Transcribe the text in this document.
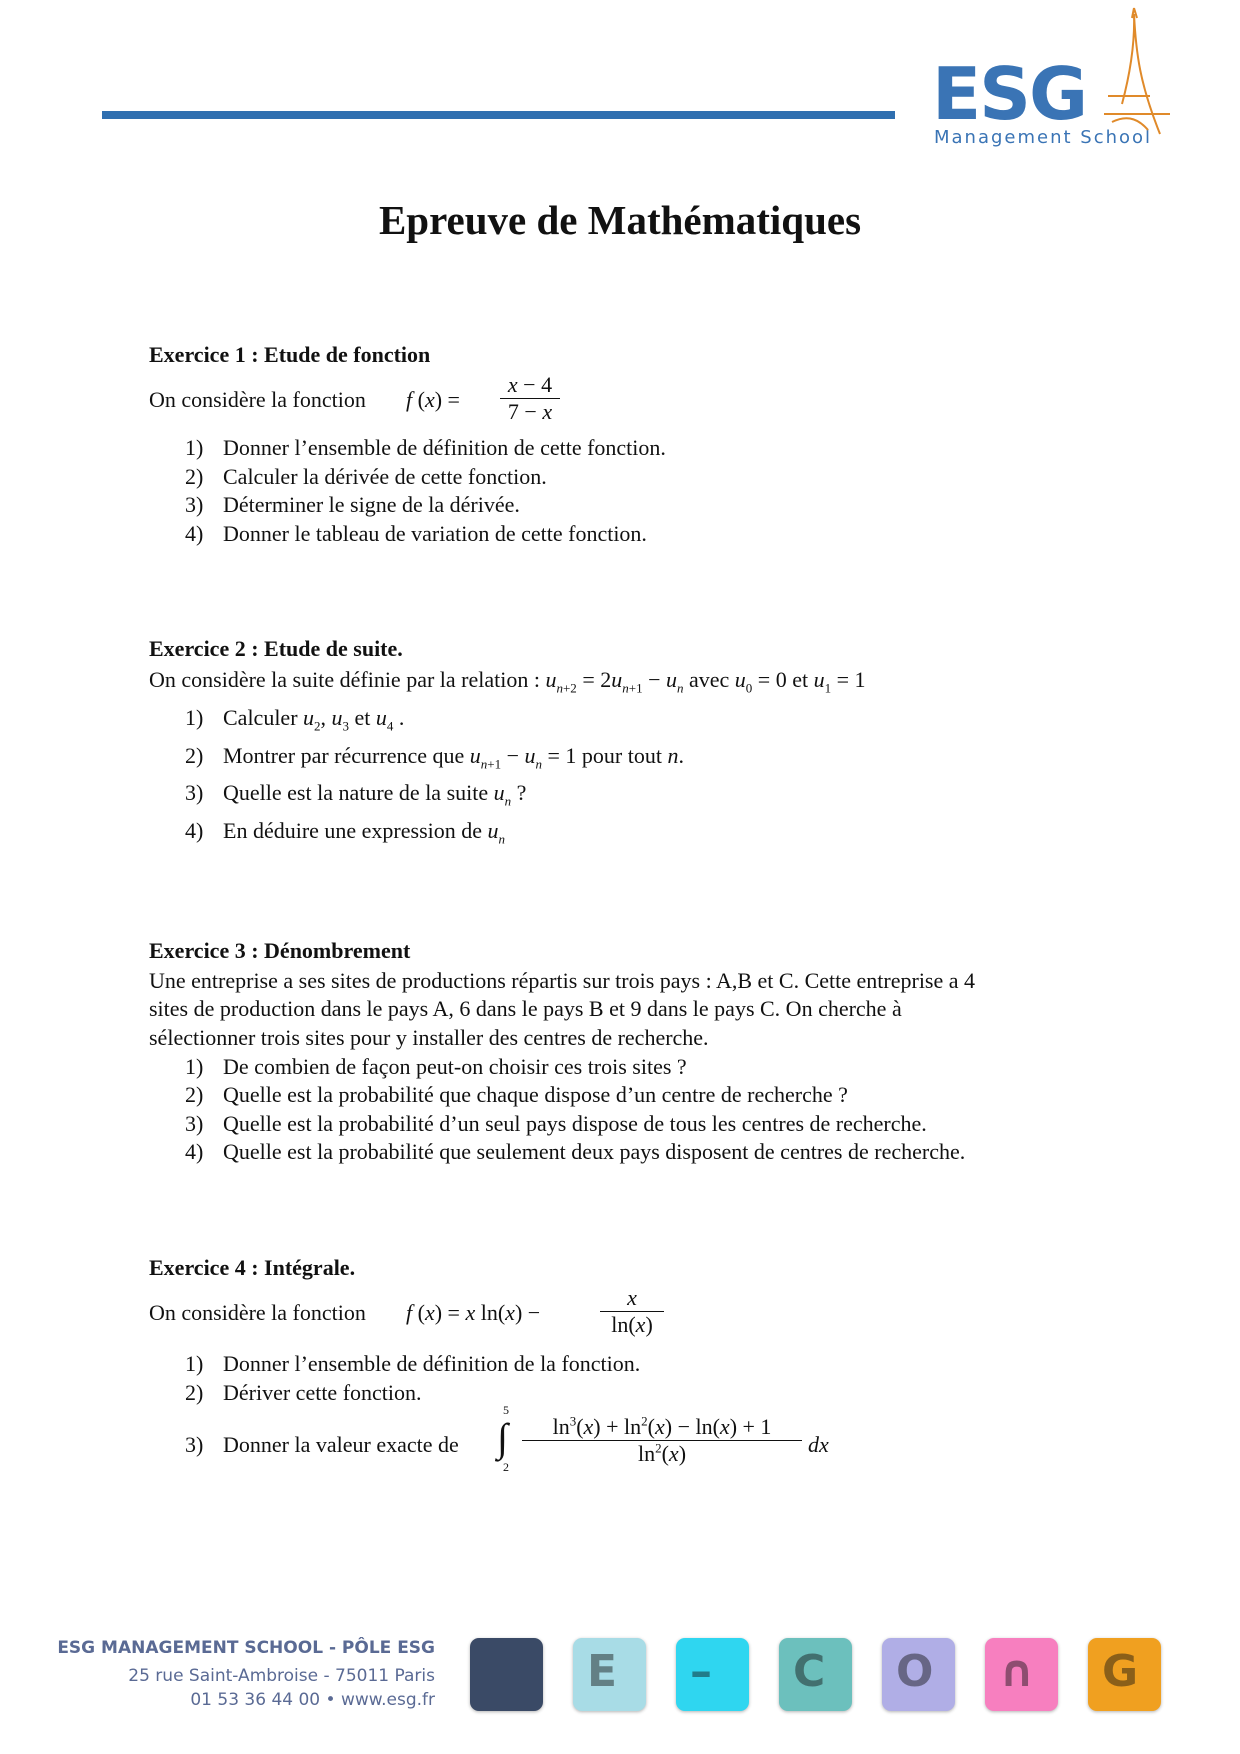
ESG
Management School
Epreuve de Mathématiques
Exercice 1 : Etude de fonction
On considère la fonction f $(x) = \frac{x - 4}{7 - x}$
Exercice 2 : Etude de suite.
On considère la suite définie par la relation : $u_{n+2} = 2u_{n+1} - u_n$ avec $u_0 = 0$ et $u_1 = 1$
Exercice 3 : Dénombrement
Une entreprise a ses sites de productions répartis sur trois pays : A,B et C. Cette entreprise a 4
sites de production dans le pays A, 6 dans le pays B et 9 dans le pays C. On cherche à
sélectionner trois sites pour y installer des centres de recherche.
Exercice 4 : Intégrale.
On considère la fonction f (x) = x ln(x) −	$\frac{x}{\ln(x)}$
∫
5
$2 \frac{\ln^3(x) + \ln^2(x) - \ln(x) + 1}{\ln^2(x)}$ dx
1) Donner l’ensemble de définition de cette fonction.
2) Calculer la dérivée de cette fonction.
3) Déterminer le signe de la dérivée.
4) Donner le tableau de variation de cette fonction.
1) Calculer $u_2$, $u_3$ et $u_4$ .
2) Montrer par récurrence que $u_{n+1} - u_n = 1$ pour tout n.
3) Quelle est la nature de la suite $u_n$ ?
4) En déduire une expression de $u_n$
1) De combien de façon peut-on choisir ces trois sites ?
2) Quelle est la probabilité que chaque dispose d’un centre de recherche ?
3) Quelle est la probabilité d’un seul pays dispose de tous les centres de recherche.
4) Quelle est la probabilité que seulement deux pays disposent de centres de recherche.
1) Donner l’ensemble de définition de la fonction.
2) Dériver cette fonction.
3) Donner la valeur exacte de
ESG MANAGEMENT SCHOOL - PÔLE ESG
25 rue Saint-Ambroise - 75011 Paris
01 53 36 44 00 • www.esg.fr
E – C O ∩ G
